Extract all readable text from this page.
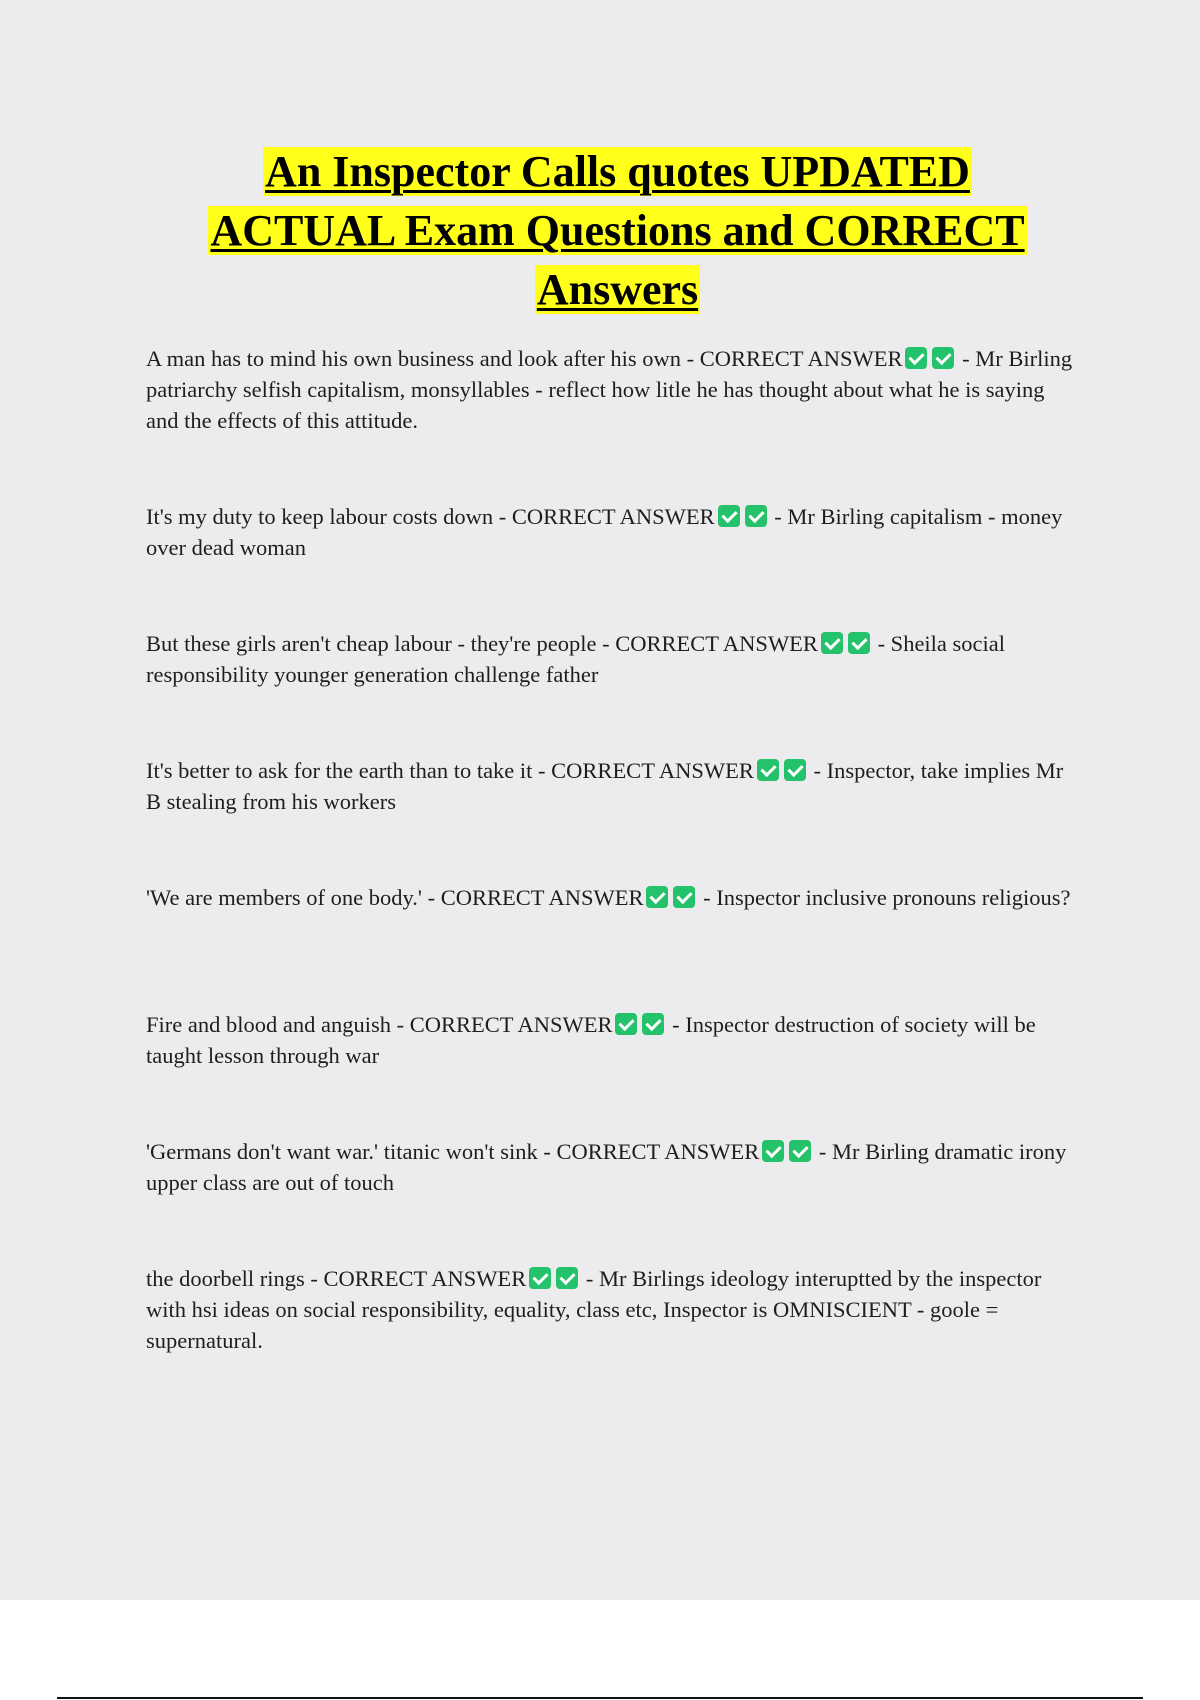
An Inspector Calls quotes UPDATED
ACTUAL Exam Questions and CORRECT
Answers

A man has to mind his own business and look after his own - CORRECT ANSWER - Mr Birling patriarchy selfish capitalism, monsyllables - reflect how litle he has thought about what he is saying and the effects of this attitude.

It's my duty to keep labour costs down - CORRECT ANSWER - Mr Birling capitalism - money over dead woman

But these girls aren't cheap labour - they're people - CORRECT ANSWER - Sheila social responsibility younger generation challenge father

It's better to ask for the earth than to take it - CORRECT ANSWER - Inspector, take implies Mr B stealing from his workers

'We are members of one body.' - CORRECT ANSWER - Inspector inclusive pronouns religious?

Fire and blood and anguish - CORRECT ANSWER - Inspector destruction of society will be taught lesson through war

'Germans don't want war.' titanic won't sink - CORRECT ANSWER - Mr Birling dramatic irony upper class are out of touch

the doorbell rings - CORRECT ANSWER - Mr Birlings ideology interuptted by the inspector with hsi ideas on social responsibility, equality, class etc, Inspector is OMNISCIENT - goole = supernatural.
